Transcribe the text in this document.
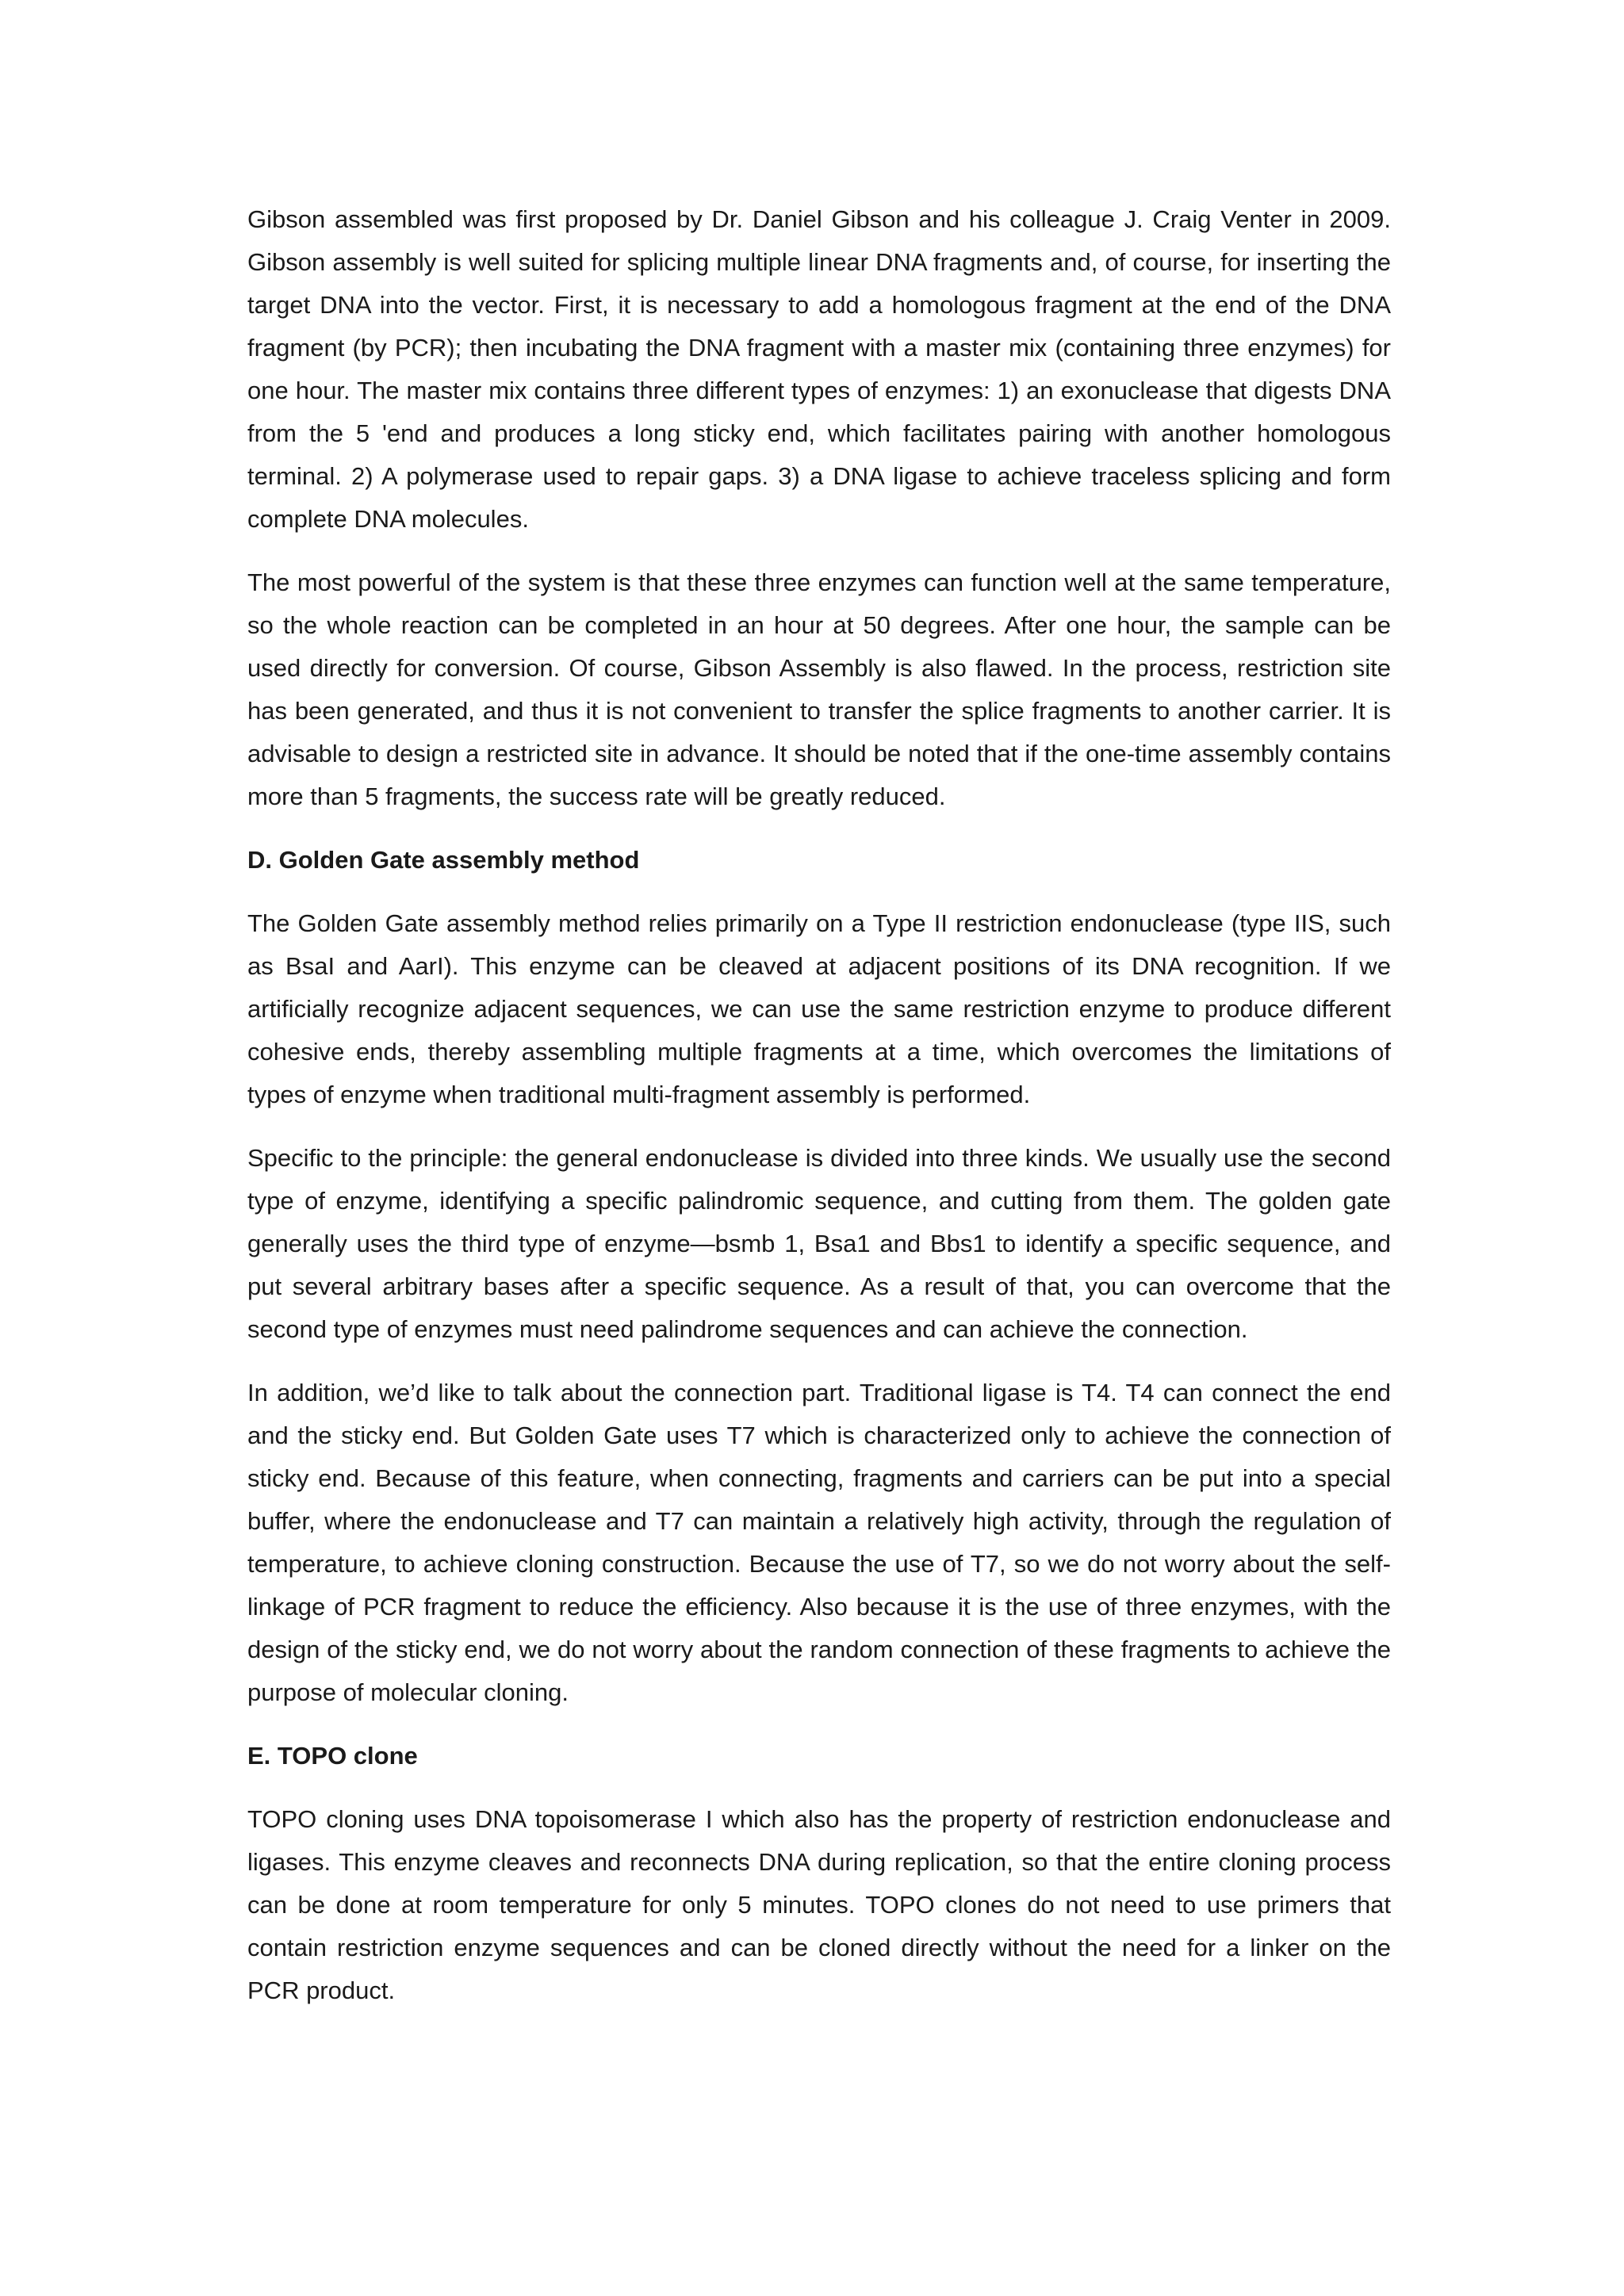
Gibson assembled was first proposed by Dr. Daniel Gibson and his colleague J. Craig Venter in 2009. Gibson assembly is well suited for splicing multiple linear DNA fragments and, of course, for inserting the target DNA into the vector. First, it is necessary to add a homologous fragment at the end of the DNA fragment (by PCR); then incubating the DNA fragment with a master mix (containing three enzymes) for one hour. The master mix contains three different types of enzymes: 1) an exonuclease that digests DNA from the 5 'end and produces a long sticky end, which facilitates pairing with another homologous terminal. 2) A polymerase used to repair gaps. 3) a DNA ligase to achieve traceless splicing and form complete DNA molecules.

The most powerful of the system is that these three enzymes can function well at the same temperature, so the whole reaction can be completed in an hour at 50 degrees. After one hour, the sample can be used directly for conversion. Of course, Gibson Assembly is also flawed. In the process, restriction site has been generated, and thus it is not convenient to transfer the splice fragments to another carrier. It is advisable to design a restricted site in advance. It should be noted that if the one-time assembly contains more than 5 fragments, the success rate will be greatly reduced.

D. Golden Gate assembly method

The Golden Gate assembly method relies primarily on a Type II restriction endonuclease (type IIS, such as BsaI and AarI). This enzyme can be cleaved at adjacent positions of its DNA recognition. If we artificially recognize adjacent sequences, we can use the same restriction enzyme to produce different cohesive ends, thereby assembling multiple fragments at a time, which overcomes the limitations of types of enzyme when traditional multi-fragment assembly is performed.

Specific to the principle: the general endonuclease is divided into three kinds. We usually use the second type of enzyme, identifying a specific palindromic sequence, and cutting from them. The golden gate generally uses the third type of enzyme—bsmb 1, Bsa1 and Bbs1 to identify a specific sequence, and put several arbitrary bases after a specific sequence. As a result of that, you can overcome that the second type of enzymes must need palindrome sequences and can achieve the connection.

In addition, we’d like to talk about the connection part. Traditional ligase is T4. T4 can connect the end and the sticky end. But Golden Gate uses T7 which is characterized only to achieve the connection of sticky end. Because of this feature, when connecting, fragments and carriers can be put into a special buffer, where the endonuclease and T7 can maintain a relatively high activity, through the regulation of temperature, to achieve cloning construction. Because the use of T7, so we do not worry about the self-linkage of PCR fragment to reduce the efficiency. Also because it is the use of three enzymes, with the design of the sticky end, we do not worry about the random connection of these fragments to achieve the purpose of molecular cloning.

E. TOPO clone

TOPO cloning uses DNA topoisomerase I which also has the property of restriction endonuclease and ligases. This enzyme cleaves and reconnects DNA during replication, so that the entire cloning process can be done at room temperature for only 5 minutes. TOPO clones do not need to use primers that contain restriction enzyme sequences and can be cloned directly without the need for a linker on the PCR product.
